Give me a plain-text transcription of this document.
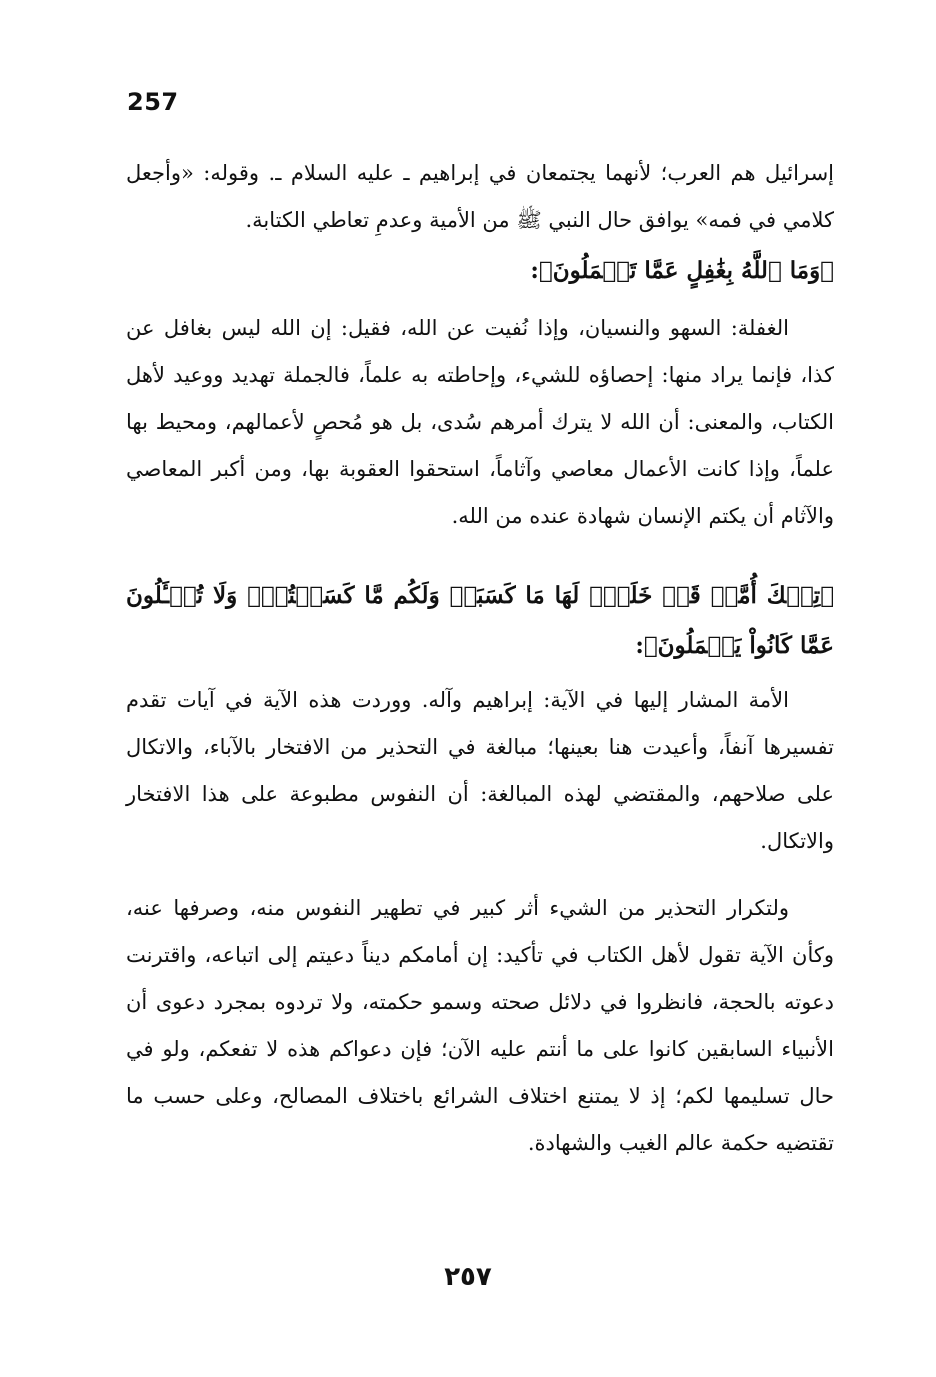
257

إسرائيل هم العرب؛ لأنهما يجتمعان في إبراهيم ـ عليه السلام ـ. وقوله: «وأجعل كلامي في فمه» يوافق حال النبي ﷺ من الأمية وعدمِ تعاطي الكتابة.

﴿وَمَا ٱللَّهُ بِغَٰفِلٍ عَمَّا تَعۡمَلُونَ﴾:

الغفلة: السهو والنسيان، وإذا نُفيت عن الله، فقيل: إن الله ليس بغافل عن كذا، فإنما يراد منها: إحصاؤه للشيء، وإحاطته به علماً، فالجملة تهديد ووعيد لأهل الكتاب، والمعنى: أن الله لا يترك أمرهم سُدى، بل هو مُحصٍ لأعمالهم، ومحيط بها علماً، وإذا كانت الأعمال معاصي وآثاماً، استحقوا العقوبة بها، ومن أكبر المعاصي والآثام أن يكتم الإنسان شهادة عنده من الله.

﴿تِلۡكَ أُمَّةٞ قَدۡ خَلَتۡۖ لَهَا مَا كَسَبَتۡ وَلَكُم مَّا كَسَبۡتُمۡۖ وَلَا تُسۡـَٔلُونَ عَمَّا كَانُواْ يَعۡمَلُونَ﴾:

الأمة المشار إليها في الآية: إبراهيم وآله. ووردت هذه الآية في آيات تقدم تفسيرها آنفاً، وأعيدت هنا بعينها؛ مبالغة في التحذير من الافتخار بالآباء، والاتكال على صلاحهم، والمقتضي لهذه المبالغة: أن النفوس مطبوعة على هذا الافتخار والاتكال.

ولتكرار التحذير من الشيء أثر كبير في تطهير النفوس منه، وصرفها عنه، وكأن الآية تقول لأهل الكتاب في تأكيد: إن أمامكم ديناً دعيتم إلى اتباعه، واقترنت دعوته بالحجة، فانظروا في دلائل صحته وسمو حكمته، ولا تردوه بمجرد دعوى أن الأنبياء السابقين كانوا على ما أنتم عليه الآن؛ فإن دعواكم هذه لا تفعكم، ولو في حال تسليمها لكم؛ إذ لا يمتنع اختلاف الشرائع باختلاف المصالح، وعلى حسب ما تقتضيه حكمة عالم الغيب والشهادة.

٢٥٧
